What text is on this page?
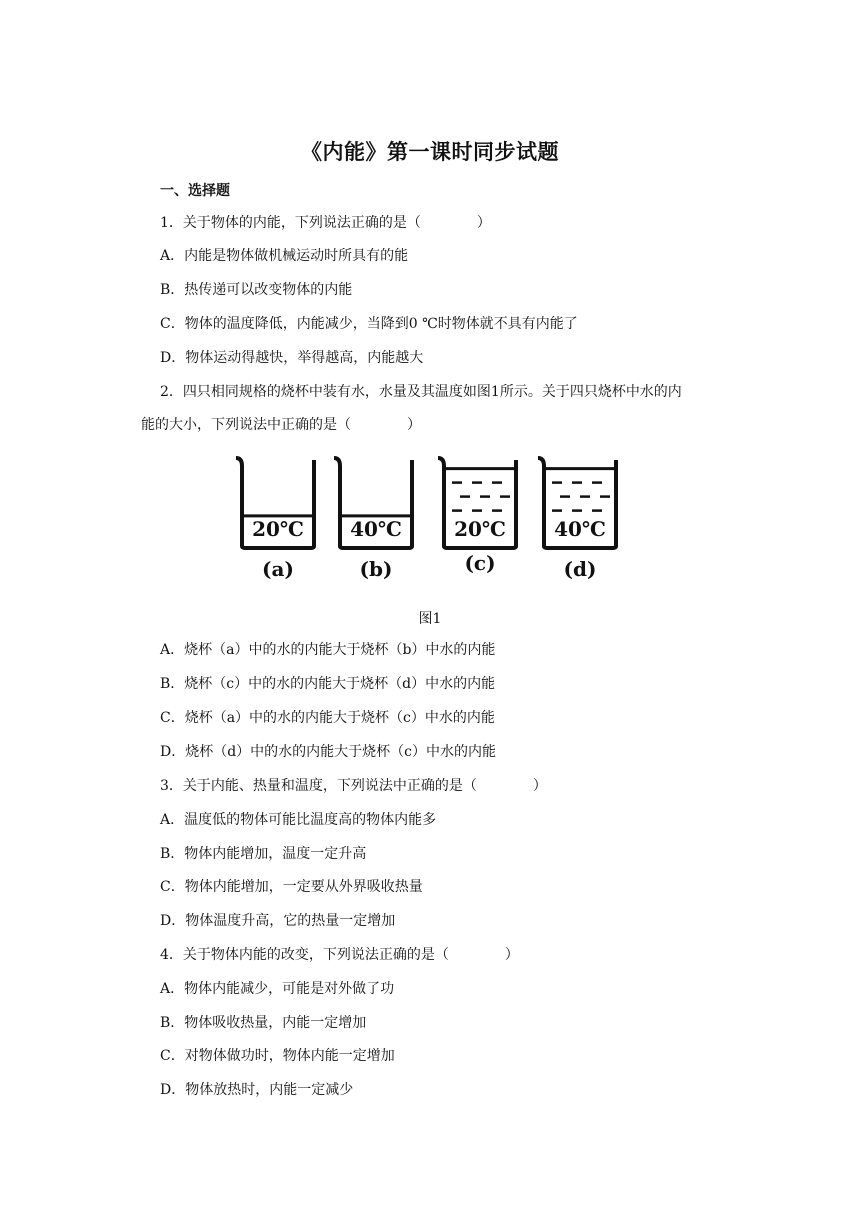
《内能》第一课时同步试题
一、选择题
1．关于物体的内能，下列说法正确的是（　　　　）
A．内能是物体做机械运动时所具有的能
B．热传递可以改变物体的内能
C．物体的温度降低，内能减少，当降到0 ℃时物体就不具有内能了
D．物体运动得越快，举得越高，内能越大
2．四只相同规格的烧杯中装有水，水量及其温度如图1所示。关于四只烧杯中水的内
能的大小，下列说法中正确的是（　　　　）
20℃
(a)
40℃
(b)
20℃
(c)
40℃
(d)
图1
A．烧杯（a）中的水的内能大于烧杯（b）中水的内能
B．烧杯（c）中的水的内能大于烧杯（d）中水的内能
C．烧杯（a）中的水的内能大于烧杯（c）中水的内能
D．烧杯（d）中的水的内能大于烧杯（c）中水的内能
3．关于内能、热量和温度，下列说法中正确的是（　　　　）
A．温度低的物体可能比温度高的物体内能多
B．物体内能增加，温度一定升高
C．物体内能增加，一定要从外界吸收热量
D．物体温度升高，它的热量一定增加
4．关于物体内能的改变，下列说法正确的是（　　　　）
A．物体内能减少，可能是对外做了功
B．物体吸收热量，内能一定增加
C．对物体做功时，物体内能一定增加
D．物体放热时，内能一定减少
